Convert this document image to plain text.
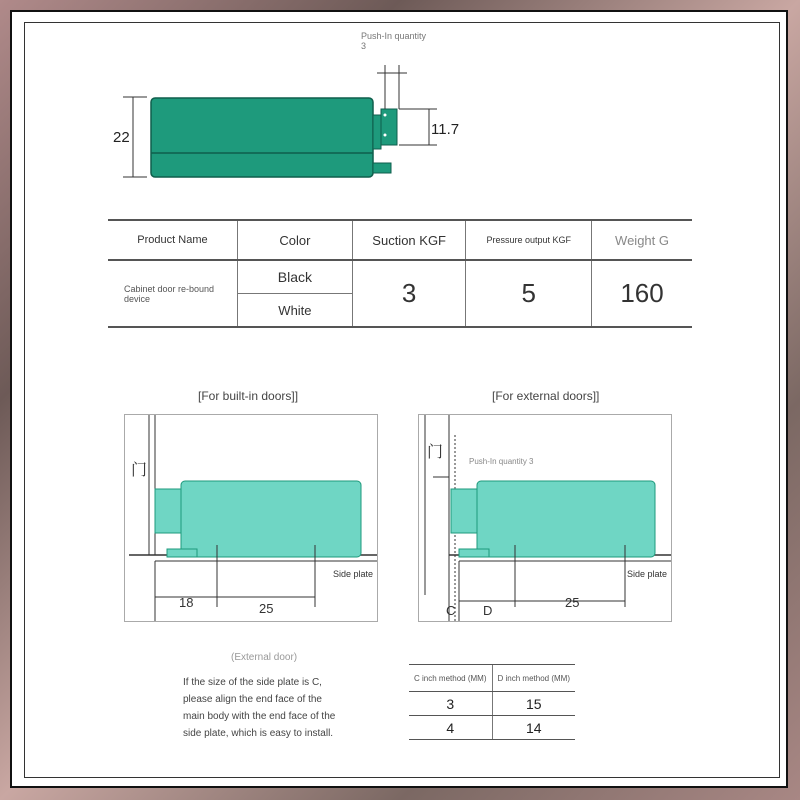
Push-In quantity
3
22	11.7
Product Name	Color	Suction KGF	Pressure output KGF	Weight G
Cabinet door re-bound device	Black	3	5	160
	White			
[For built-in doors]]
门
Side plate
18	25
[For external doors]]
门
Push-In quantity 3
Side plate
C D
25
(External door)
If the size of the side plate is C,
please align the end face of the
main body with the end face of the
side plate, which is easy to install.
C inch method (MM)	D inch method (MM)
3	15
4	14
